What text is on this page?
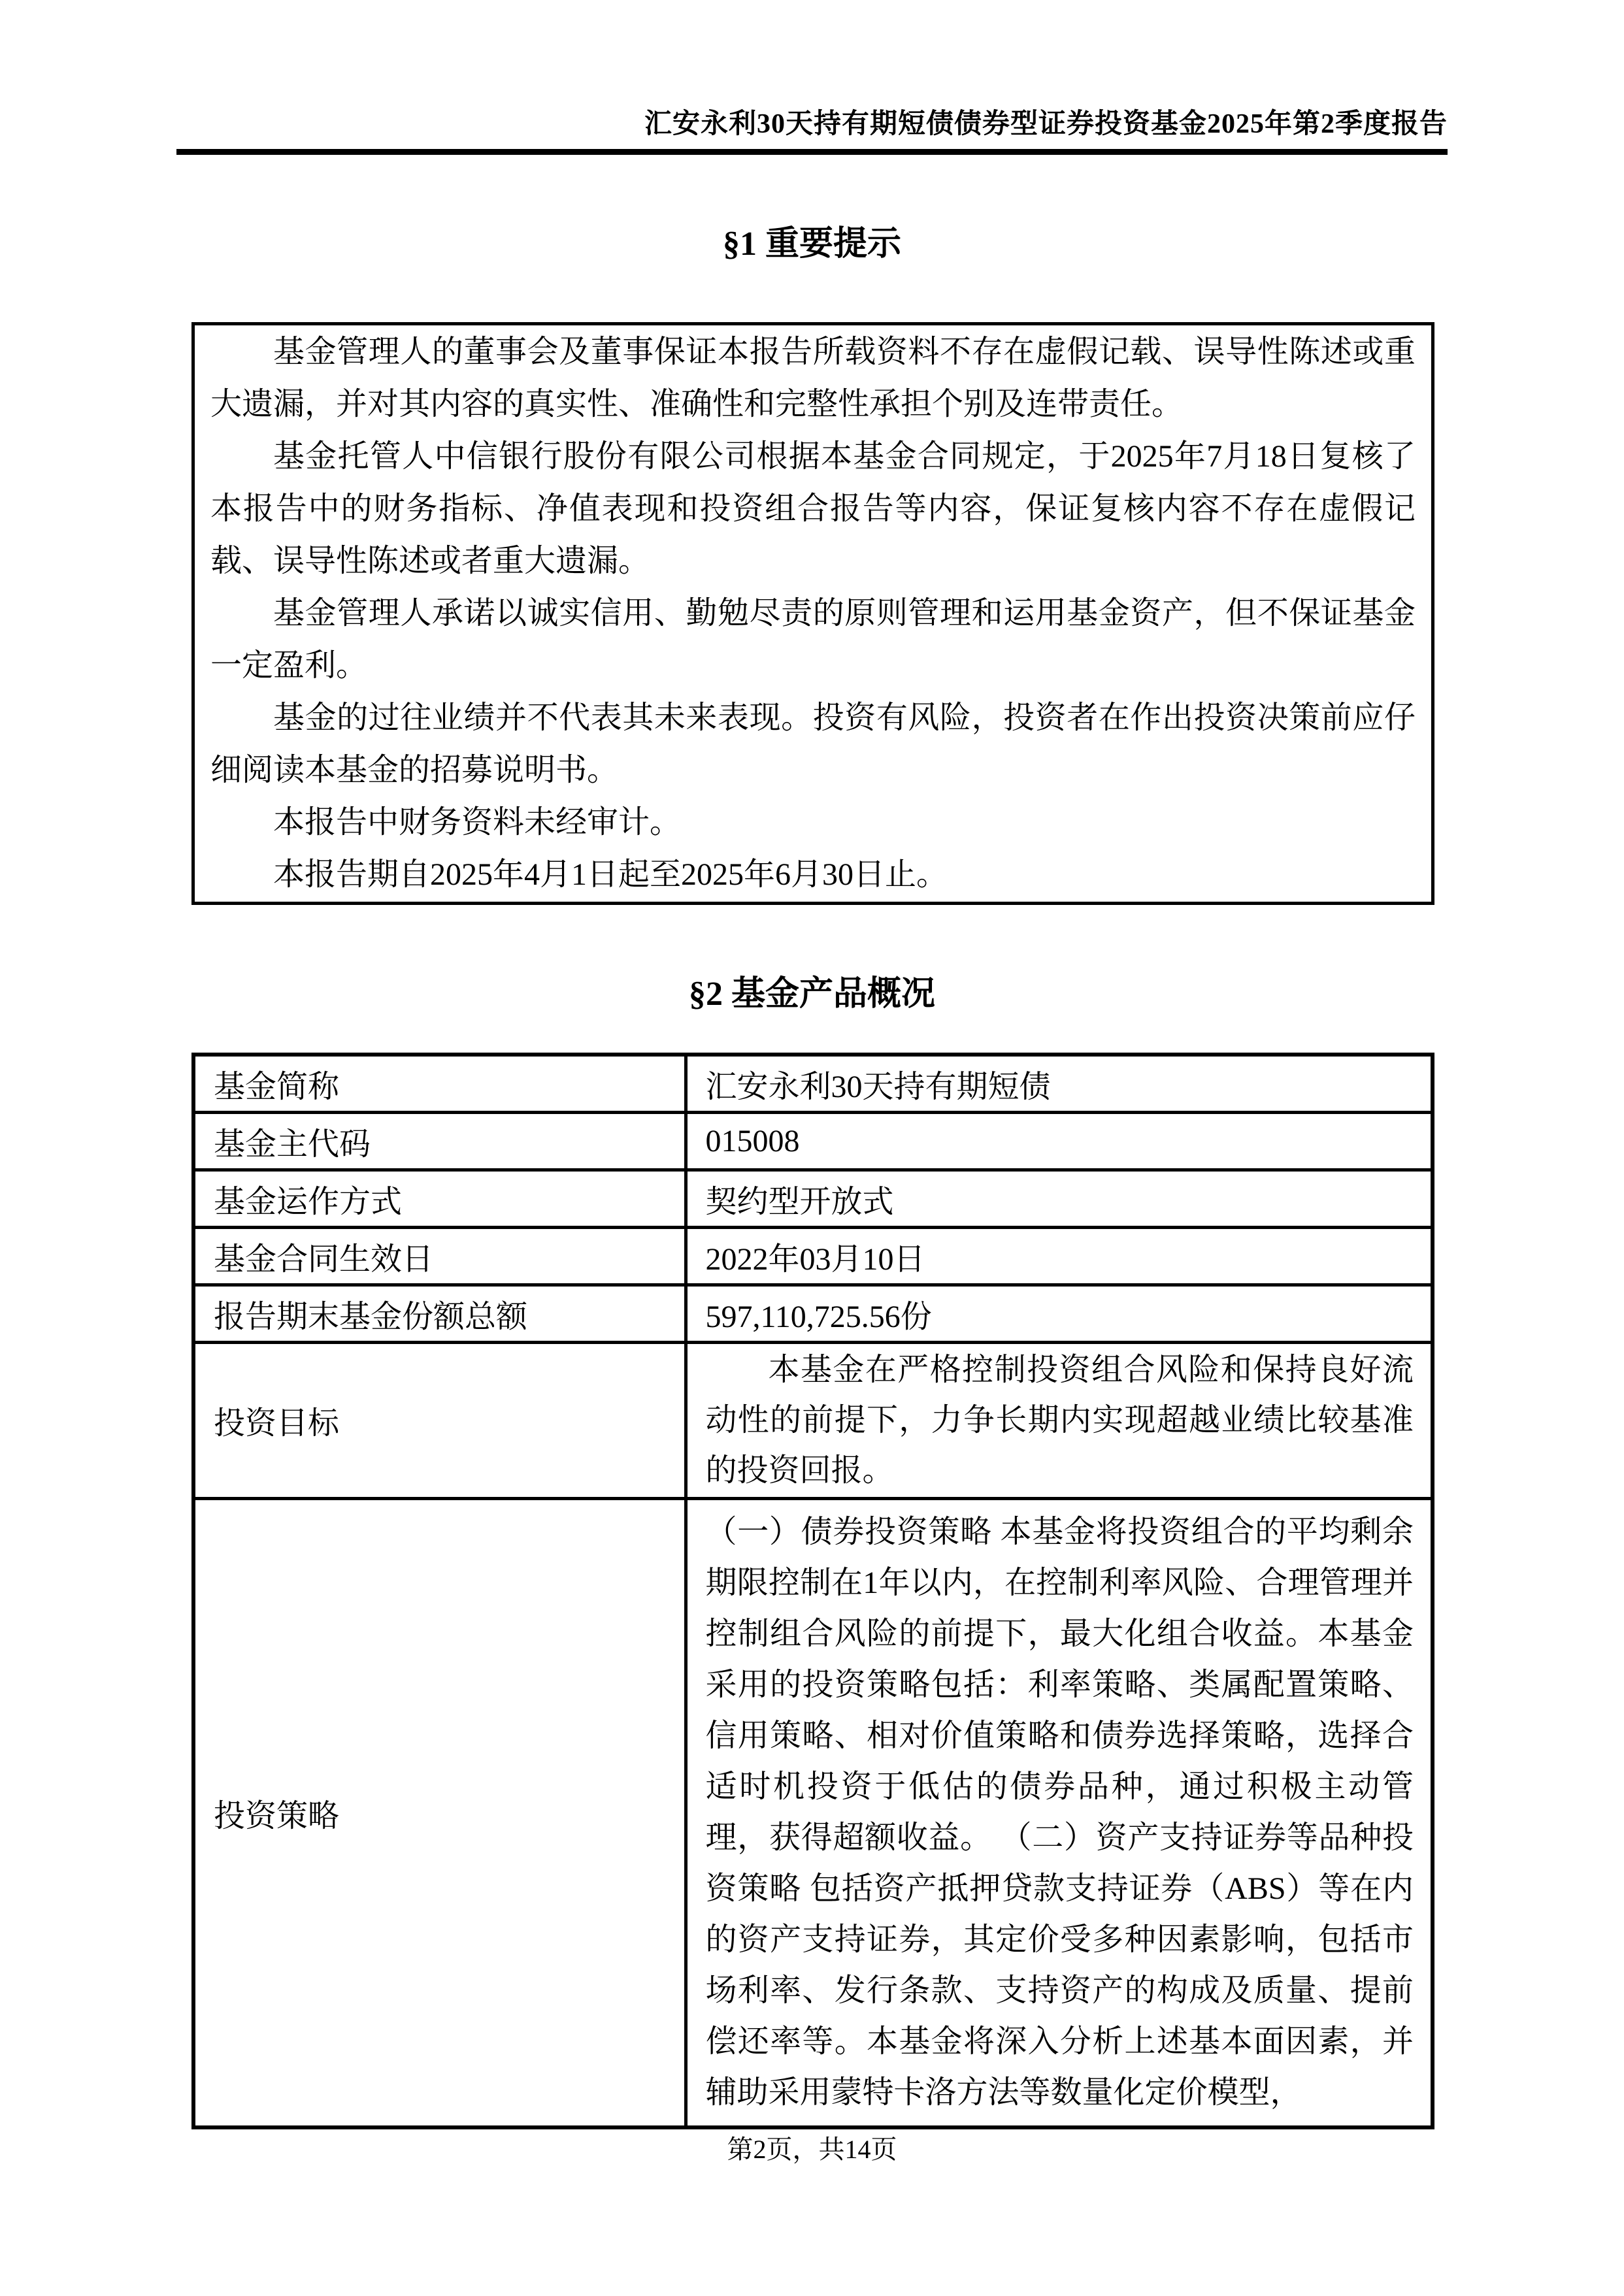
汇安永利30天持有期短债债券型证券投资基金2025年第2季度报告
§1 重要提示

基金管理人的董事会及董事保证本报告所载资料不存在虚假记载、误导性陈述或重大遗漏，并对其内容的真实性、准确性和完整性承担个别及连带责任。

基金托管人中信银行股份有限公司根据本基金合同规定，于2025年7月18日复核了本报告中的财务指标、净值表现和投资组合报告等内容，保证复核内容不存在虚假记载、误导性陈述或者重大遗漏。

基金管理人承诺以诚实信用、勤勉尽责的原则管理和运用基金资产，但不保证基金一定盈利。

基金的过往业绩并不代表其未来表现。投资有风险，投资者在作出投资决策前应仔细阅读本基金的招募说明书。

本报告中财务资料未经审计。

本报告期自2025年4月1日起至2025年6月30日止。

§2 基金产品概况
基金简称	汇安永利30天持有期短债
基金主代码	015008
基金运作方式	契约型开放式
基金合同生效日	2022年03月10日
报告期末基金份额总额	597,110,725.56份
投资目标	本基金在严格控制投资组合风险和保持良好流动性的前提下，力争长期内实现超越业绩比较基准的投资回报。

投资策略	（一）债券投资策略 本基金将投资组合的平均剩余期限控制在1年以内，在控制利率风险、合理管理并控制组合风险的前提下，最大化组合收益。本基金采用的投资策略包括：利率策略、类属配置策略、信用策略、相对价值策略和债券选择策略，选择合适时机投资于低估的债券品种，通过积极主动管理，获得超额收益。 （二）资产支持证券等品种投资策略 包括资产抵押贷款支持证券（ABS）等在内的资产支持证券，其定价受多种因素影响，包括市场利率、发行条款、支持资产的构成及质量、提前偿还率等。本基金将深入分析上述基本面因素，并辅助采用蒙特卡洛方法等数量化定价模型，

第2页，共14页
